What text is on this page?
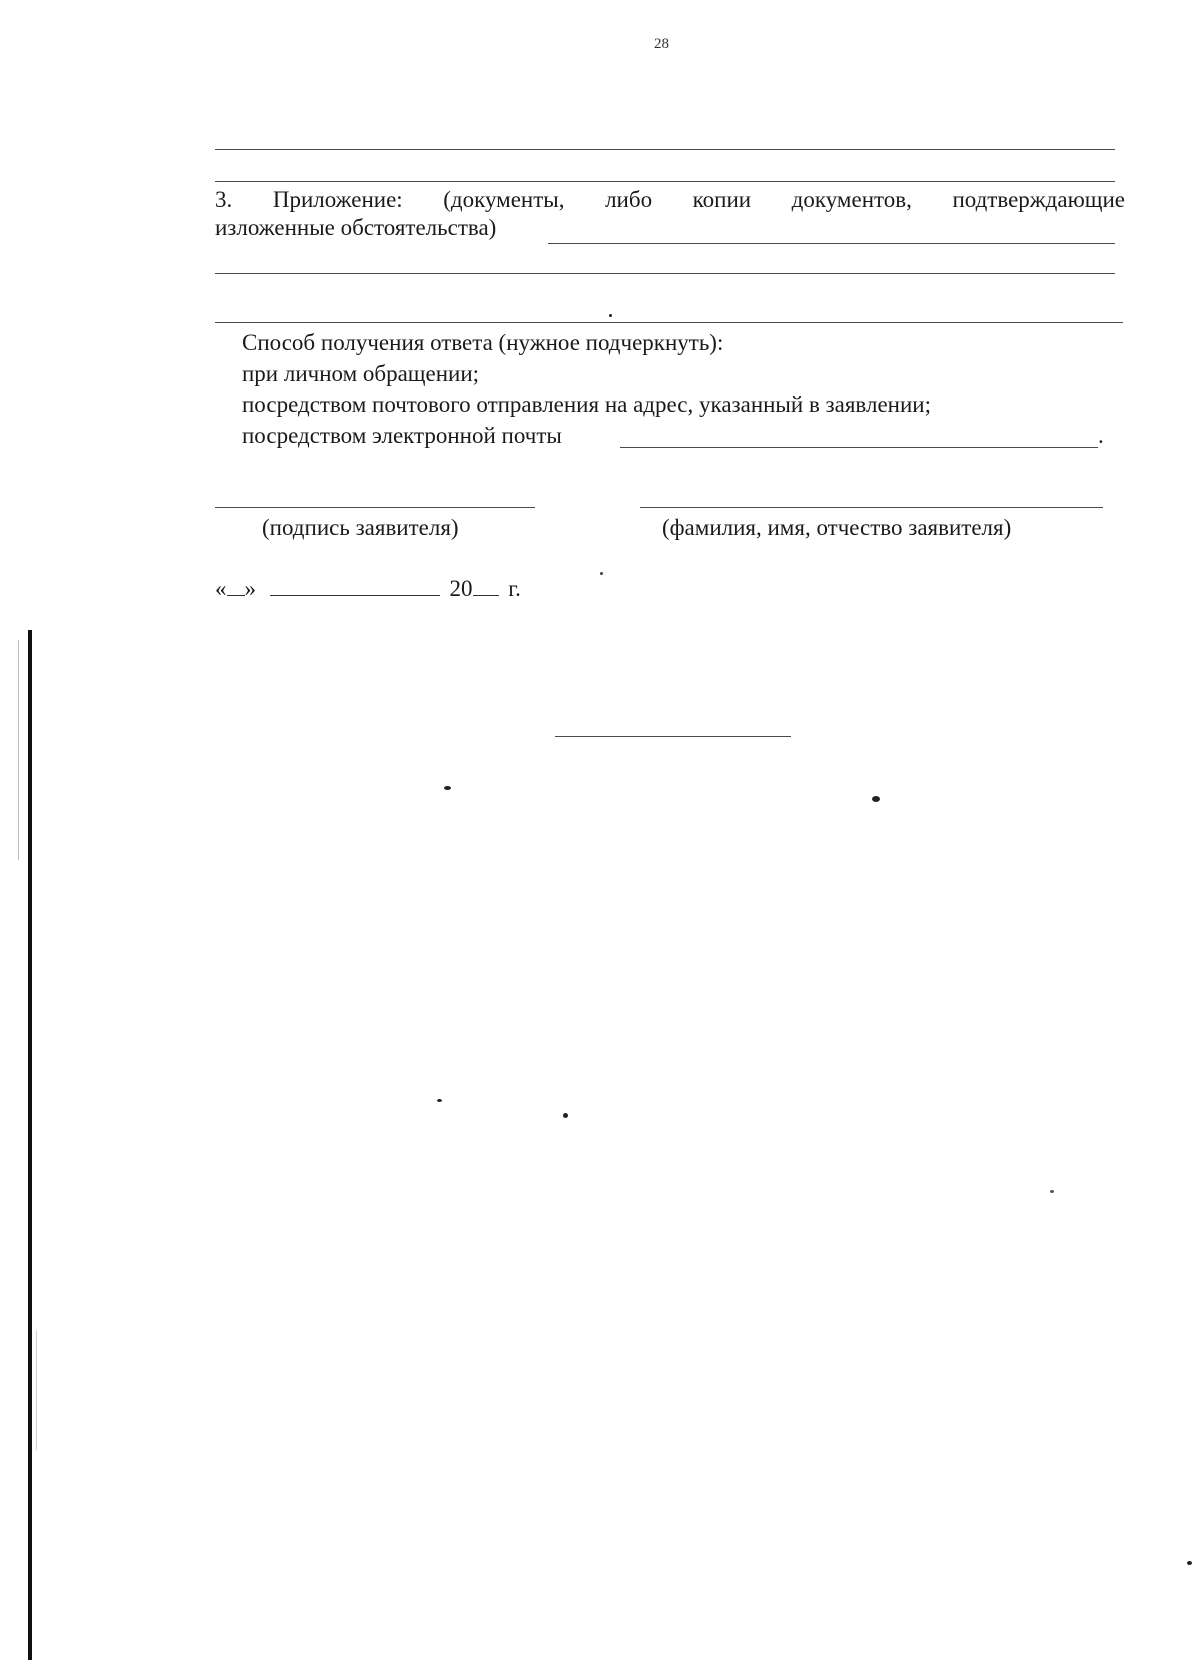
28
3. Приложение: (документы, либо копии документов, подтверждающие
изложенные обстоятельства)
Способ получения ответа (нужное подчеркнуть):
при личном обращении;
посредством почтового отправления на адрес, указанный в заявлении;
посредством электронной почты	.
(подпись заявителя)	(фамилия, имя, отчество заявителя)
« »	20 г.
